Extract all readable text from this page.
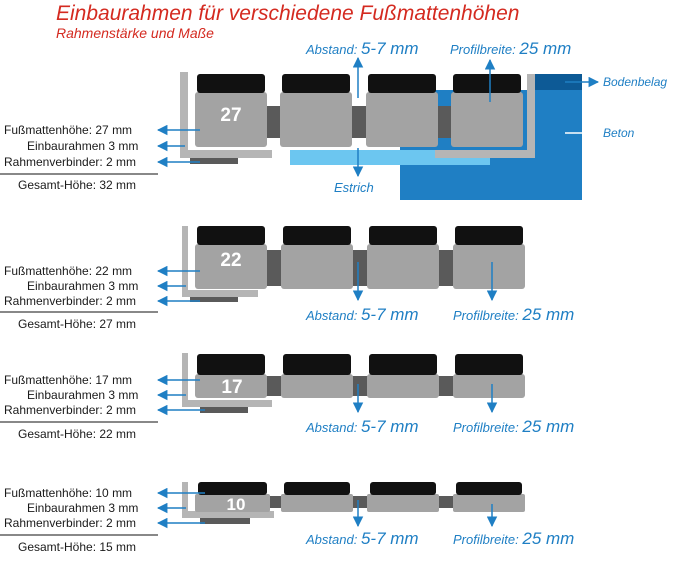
Einbaurahmen für verschiedene Fußmattenhöhen
Rahmenstärke und Maße
27
Fußmattenhöhe: 27 mm
Einbaurahmen 3 mm
Rahmenverbinder: 2 mm
Gesamt-Höhe: 32 mm
Abstand: 5-7 mm Profilbreite: 25 mm
Bodenbelag
Beton
Estrich
22
Fußmattenhöhe: 22 mm
Einbaurahmen 3 mm
Rahmenverbinder: 2 mm
Gesamt-Höhe: 27 mm
Abstand: 5-7 mm	Profilbreite: 25 mm
17
Fußmattenhöhe: 17 mm
Einbaurahmen 3 mm
Rahmenverbinder: 2 mm
Gesamt-Höhe: 22 mm	Abstand: 5-7 mm	Profilbreite: 25 mm
10
Fußmattenhöhe: 10 mm
Einbaurahmen 3 mm
Rahmenverbinder: 2 mm
Gesamt-Höhe: 15 mm	Abstand: 5-7 mm	Profilbreite: 25 mm
